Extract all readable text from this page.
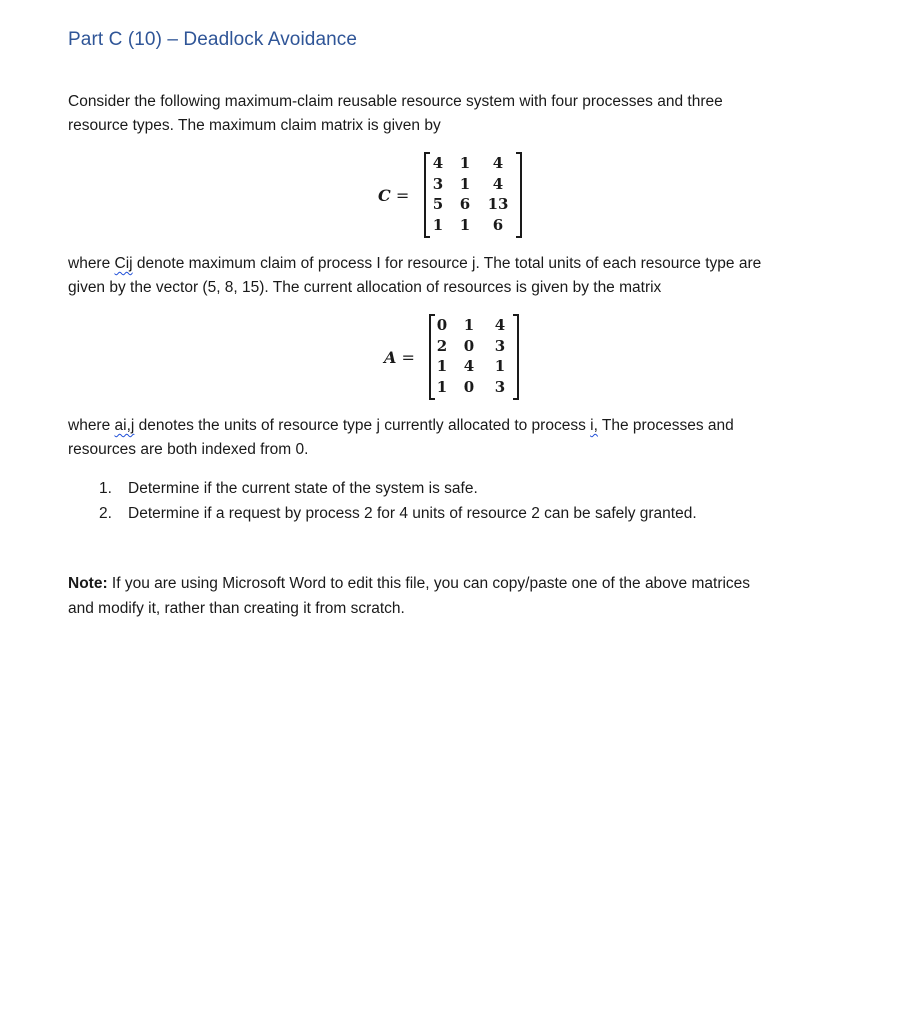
Part C (10) – Deadlock Avoidance
Consider the following maximum-claim reusable resource system with four processes and three
resource types. The maximum claim matrix is given by
C =
4	1	4
3	1	4
5	6	13
1	1	6
where Cij denote maximum claim of process I for resource j. The total units of each resource type are
given by the vector (5, 8, 15). The current allocation of resources is given by the matrix
A =
0	1	4
2	0	3
1	4	1
1	0	3
where ai,j denotes the units of resource type j currently allocated to process i, The processes and
resources are both indexed from 0.
1.	Determine if the current state of the system is safe.
2.	Determine if a request by process 2 for 4 units of resource 2 can be safely granted.
Note: If you are using Microsoft Word to edit this file, you can copy/paste one of the above matrices
and modify it, rather than creating it from scratch.
